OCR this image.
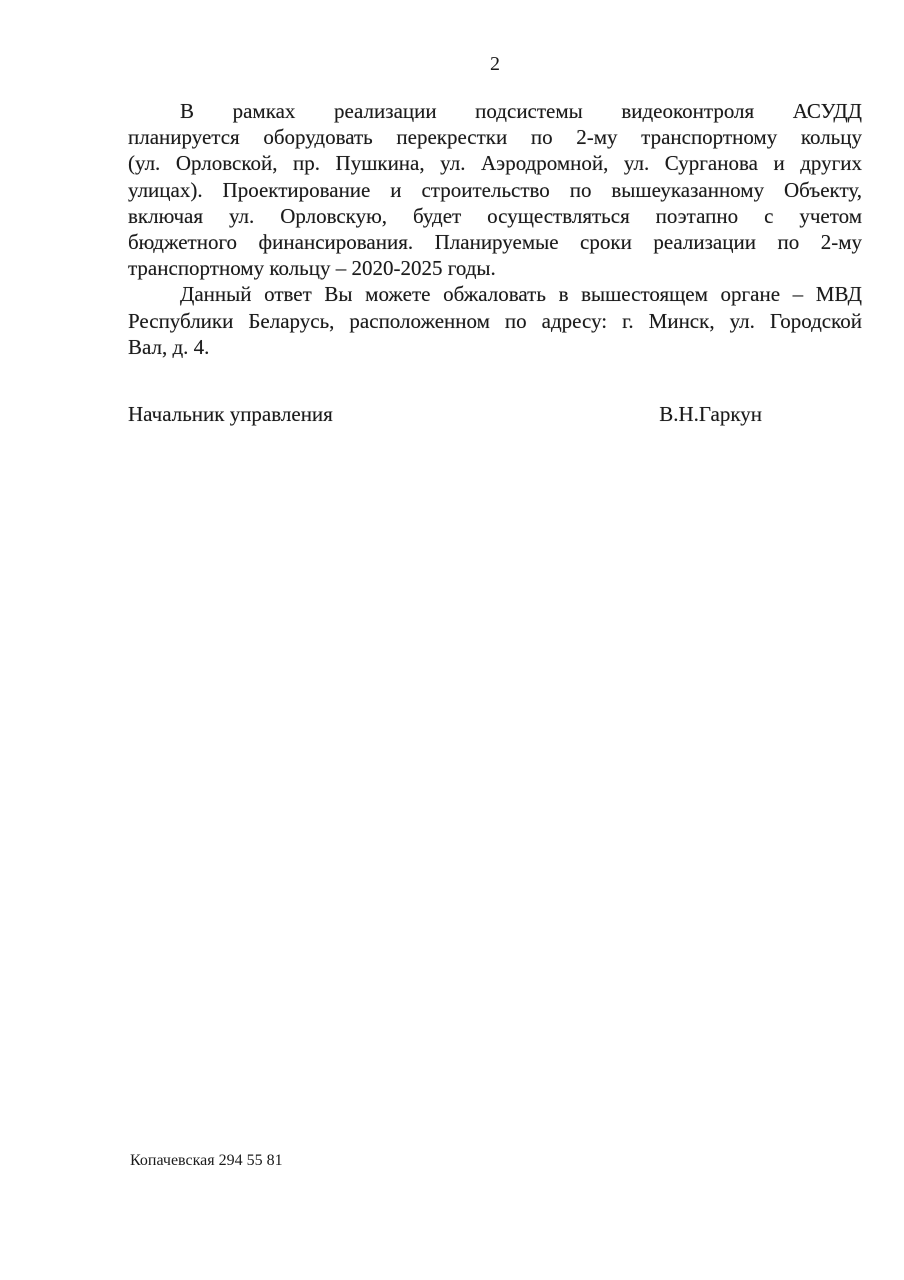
2
В рамках реализации подсистемы видеоконтроля АСУДД
планируется оборудовать перекрестки по 2-му транспортному кольцу
(ул. Орловской, пр. Пушкина, ул. Аэродромной, ул. Сурганова и других
улицах). Проектирование и строительство по вышеуказанному Объекту,
включая ул. Орловскую, будет осуществляться поэтапно с учетом
бюджетного финансирования. Планируемые сроки реализации по 2-му
транспортному кольцу – 2020-2025 годы.
Данный ответ Вы можете обжаловать в вышестоящем органе – МВД
Республики Беларусь, расположенном по адресу: г. Минск, ул. Городской
Вал, д. 4.
Начальник управления	В.Н.Гаркун
Копачевская 294 55 81
